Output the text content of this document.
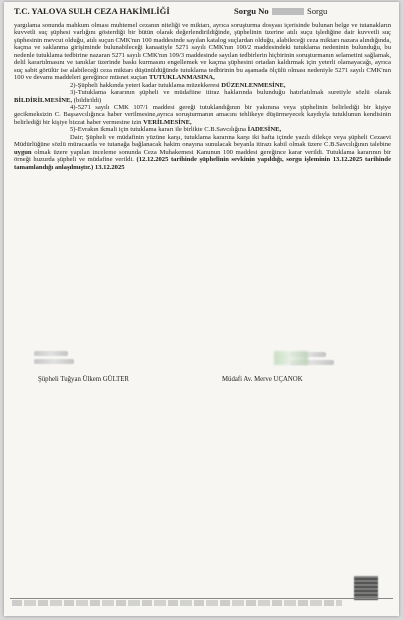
T.C. YALOVA SULH CEZA HAKİMLİĞİ	Sorgu No	Sorgu

yargılama sonunda mahkum olması muhtemel cezanın niteliği ve miktarı, ayrıca soruşturma dosyası içerisinde bulunan belge ve tutanakların kuvvetli suç şüphesi varlığını gösterdiği bir bütün olarak değerlendirildiğinde, şüphelinin üzerine atılı suçu işlediğine dair kuvvetli suç şüphesinin mevcut olduğu, atılı suçun CMK'nın 100 maddesinde sayılan katalog suçlardan olduğu, alabileceği ceza miktarı nazara alındığında, kaçma ve saklanma girişiminde bulunabileceği kanaatiyle 5271 sayılı CMK'nın 100/2 maddesindeki tutuklama nedeninin bulunduğu, bu nedenle tutuklama tedbirine nazaran 5271 sayılı CMK'nın 109/3 maddesinde sayılan tedbirlerin hiçbirinin soruşturmanın selametini sağlamak, delil karartılmasını ve tanıklar üzerinde baskı kurmasını engellemek ve kaçma şüphesini ortadan kaldırmak için yeterli olamayacağı, ayrıca suç sabit görülür ise alabileceği ceza miktarı düşünüldüğünde tutuklama tedbirinin bu aşamada ölçülü olması nedeniyle 5271 sayılı CMK'nın 100 ve devamı maddeleri gereğince müsnet suçtan TUTUKLANMASINA,

2)-Şüpheli hakkında yeteri kadar tutuklama müzekkeresi DÜZENLENMESİNE,

3)-Tutuklama kararının şüpheli ve müdafiine itiraz haklarında bulunduğu hatırlatılmak suretiyle sözlü olarak BİLDİRİLMESİNE, (bildirildi)

4)-5271 sayılı CMK 107/1 maddesi gereği tutuklandığının bir yakınına veya şüphelinin belirlediği bir kişiye gecikmeksizin C. Başsavcılığınca haber verilmesine,ayrıca soruşturmanın amacını tehlikeye düşürmeyecek kaydıyla tutuklunun kendisinin belirlediği bir kişiye bizzat haber vermesine izin VERİLMESİNE,

5)-Evrakın ikmali için tutuklama kararı ile birlikte C.B.Savcılığına İADESİNE,

Dair; Şüpheli ve müdafinin yüzüne karşı, tutuklama kararına karşı iki hafta içinde yazılı dilekçe veya şüpheli Cezaevi Müdürlüğüne sözlü müracaatla ve tutanağa bağlanacak hakim onayına sunulacak beyanla itirazı kabil olmak üzere C.B.Savcılığının talebine uygun olmak üzere yapılan inceleme sonunda Ceza Muhakemesi Kanunun 100 maddesi gereğince karar verildi. Tutuklama kararının bir örneği huzurda şüpheli ve müdafine verildi. (12.12.2025 tarihinde şüphelinin sevkinin yapıldığı, sorgu işleminin 13.12.2025 tarihinde tamamlandığı anlaşılmıştır.) 13.12.2025

Şüpheli Tuğyan Ülkem GÜLTER	Müdafi Av. Merve UÇANOK
